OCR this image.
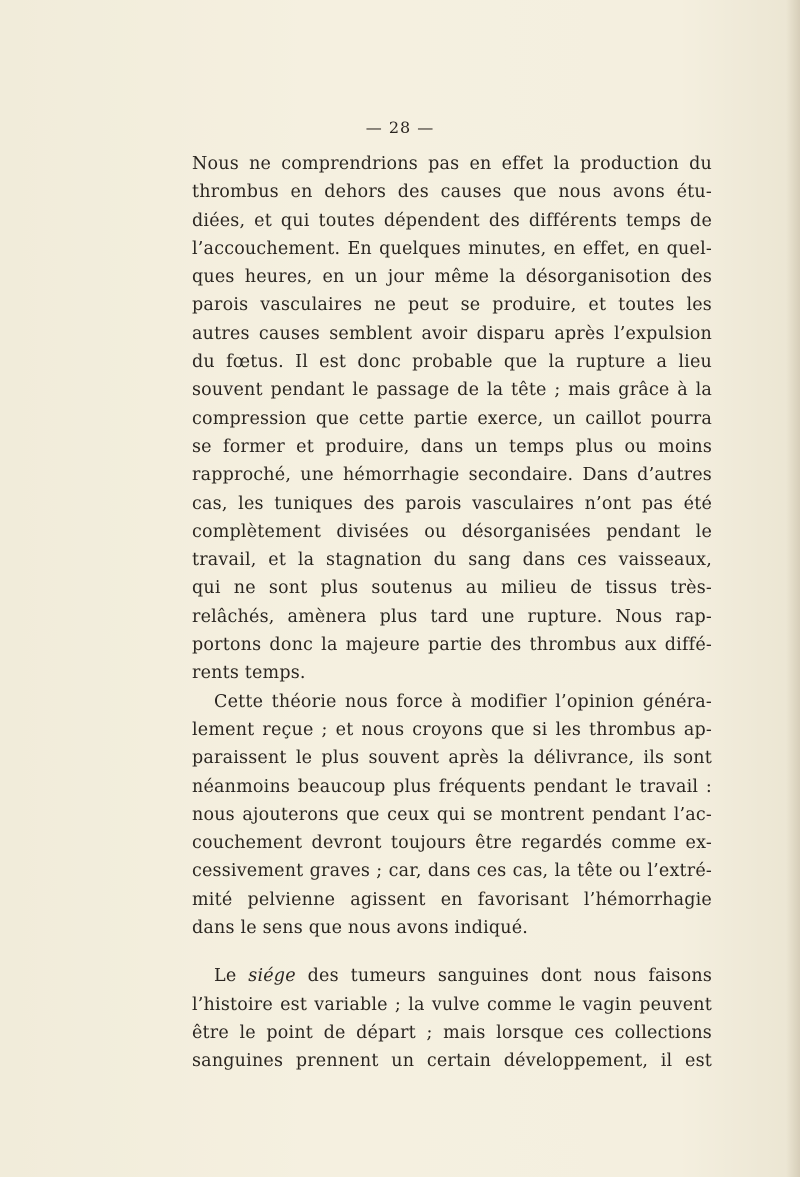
— 28 —
Nous ne comprendrions pas en effet la production du
thrombus en dehors des causes que nous avons étu-
diées, et qui toutes dépendent des différents temps de
l’accouchement. En quelques minutes, en effet, en quel-
ques heures, en un jour même la désorganisotion des
parois vasculaires ne peut se produire, et toutes les
autres causes semblent avoir disparu après l’expulsion
du fœtus. Il est donc probable que la rupture a lieu
souvent pendant le passage de la tête ; mais grâce à la
compression que cette partie exerce, un caillot pourra
se former et produire, dans un temps plus ou moins
rapproché, une hémorrhagie secondaire. Dans d’autres
cas, les tuniques des parois vasculaires n’ont pas été
complètement divisées ou désorganisées pendant le
travail, et la stagnation du sang dans ces vaisseaux,
qui ne sont plus soutenus au milieu de tissus très-
relâchés, amènera plus tard une rupture. Nous rap-
portons donc la majeure partie des thrombus aux diffé-
rents temps.
Cette théorie nous force à modifier l’opinion généra-
lement reçue ; et nous croyons que si les thrombus ap-
paraissent le plus souvent après la délivrance, ils sont
néanmoins beaucoup plus fréquents pendant le travail :
nous ajouterons que ceux qui se montrent pendant l’ac-
couchement devront toujours être regardés comme ex-
cessivement graves ; car, dans ces cas, la tête ou l’extré-
mité pelvienne agissent en favorisant l’hémorrhagie
dans le sens que nous avons indiqué.
Le siége des tumeurs sanguines dont nous faisons
l’histoire est variable ; la vulve comme le vagin peuvent
être le point de départ ; mais lorsque ces collections
sanguines prennent un certain développement, il est
